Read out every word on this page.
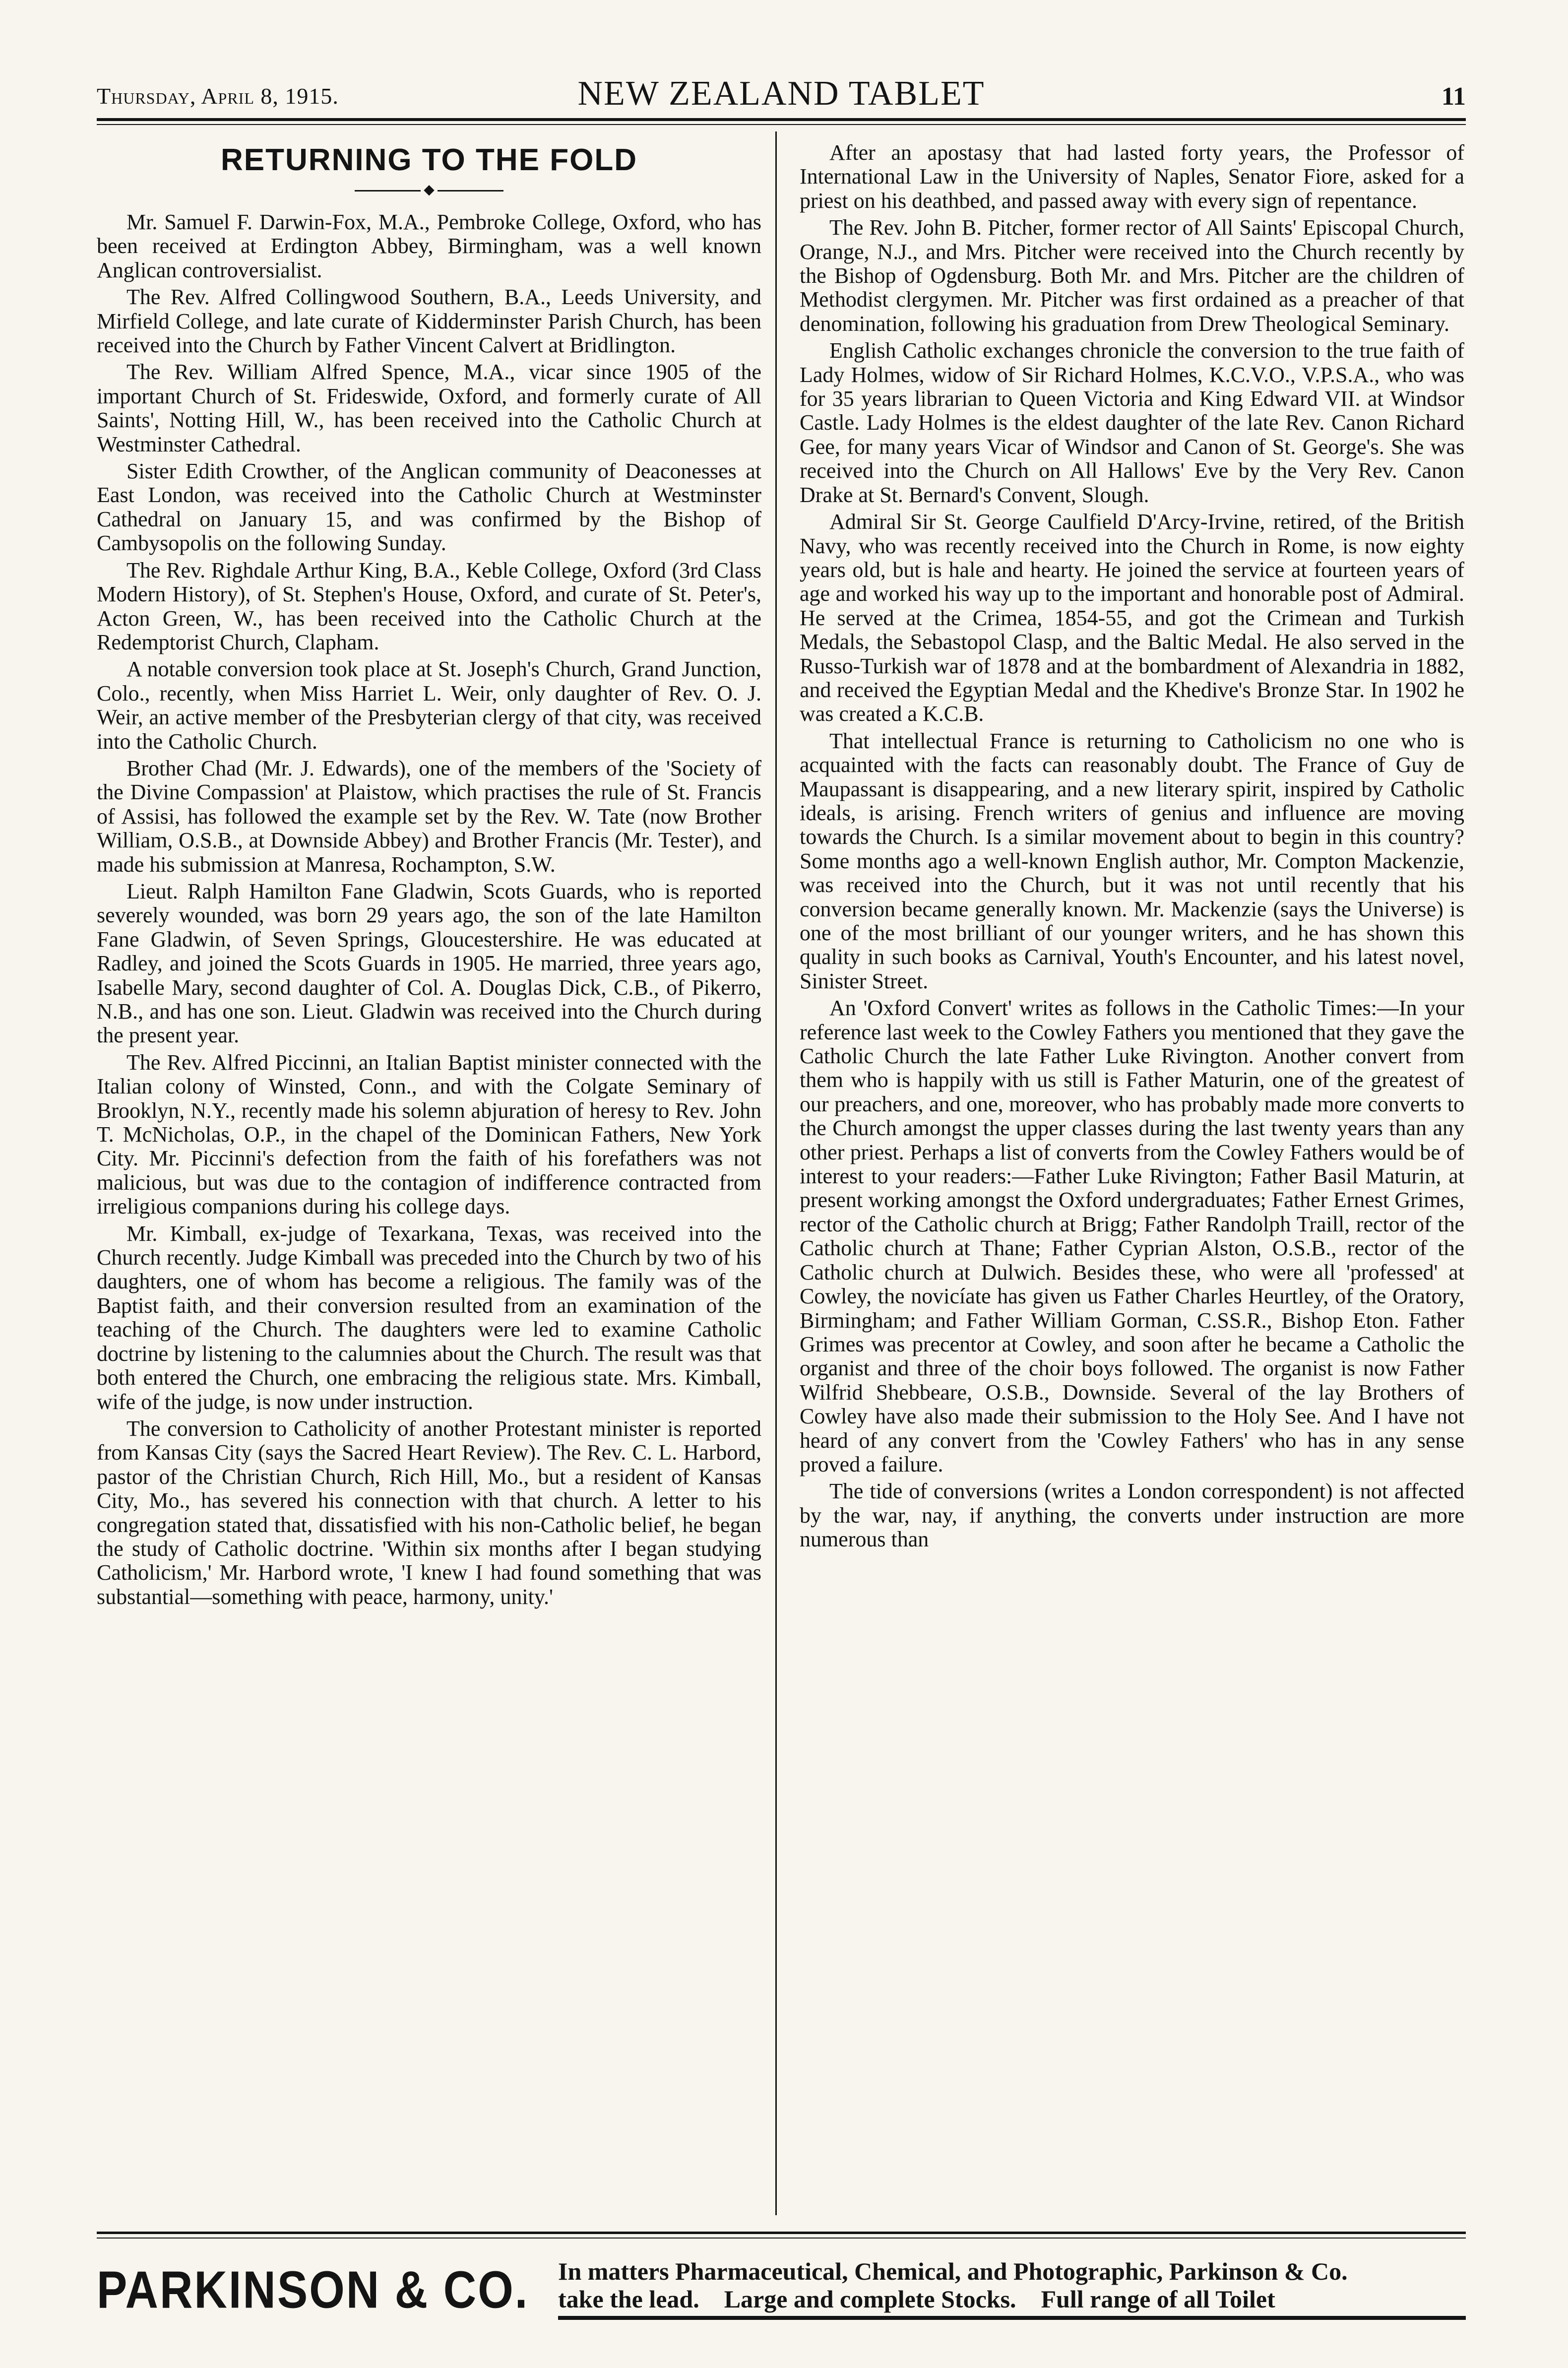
Thursday, April 8, 1915.	NEW ZEALAND TABLET	11
RETURNING TO THE FOLD
◆

Mr. Samuel F. Darwin-Fox, M.A., Pembroke College, Oxford, who has been received at Erdington Abbey, Birmingham, was a well known Anglican controversialist.

The Rev. Alfred Collingwood Southern, B.A., Leeds University, and Mirfield College, and late curate of Kidderminster Parish Church, has been received into the Church by Father Vincent Calvert at Bridlington.

The Rev. William Alfred Spence, M.A., vicar since 1905 of the important Church of St. Frideswide, Oxford, and formerly curate of All Saints', Notting Hill, W., has been received into the Catholic Church at Westminster Cathedral.

Sister Edith Crowther, of the Anglican community of Deaconesses at East London, was received into the Catholic Church at Westminster Cathedral on January 15, and was confirmed by the Bishop of Cambysopolis on the following Sunday.

The Rev. Righdale Arthur King, B.A., Keble College, Oxford (3rd Class Modern History), of St. Stephen's House, Oxford, and curate of St. Peter's, Acton Green, W., has been received into the Catholic Church at the Redemptorist Church, Clapham.

A notable conversion took place at St. Joseph's Church, Grand Junction, Colo., recently, when Miss Harriet L. Weir, only daughter of Rev. O. J. Weir, an active member of the Presbyterian clergy of that city, was received into the Catholic Church.

Brother Chad (Mr. J. Edwards), one of the members of the 'Society of the Divine Compassion' at Plaistow, which practises the rule of St. Francis of Assisi, has followed the example set by the Rev. W. Tate (now Brother William, O.S.B., at Downside Abbey) and Brother Francis (Mr. Tester), and made his submission at Manresa, Rochampton, S.W.

Lieut. Ralph Hamilton Fane Gladwin, Scots Guards, who is reported severely wounded, was born 29 years ago, the son of the late Hamilton Fane Gladwin, of Seven Springs, Gloucestershire. He was educated at Radley, and joined the Scots Guards in 1905. He married, three years ago, Isabelle Mary, second daughter of Col. A. Douglas Dick, C.B., of Pikerro, N.B., and has one son. Lieut. Gladwin was received into the Church during the present year.

The Rev. Alfred Piccinni, an Italian Baptist minister connected with the Italian colony of Winsted, Conn., and with the Colgate Seminary of Brooklyn, N.Y., recently made his solemn abjuration of heresy to Rev. John T. McNicholas, O.P., in the chapel of the Dominican Fathers, New York City. Mr. Piccinni's defection from the faith of his forefathers was not malicious, but was due to the contagion of indifference contracted from irreligious companions during his college days.

Mr. Kimball, ex-judge of Texarkana, Texas, was received into the Church recently. Judge Kimball was preceded into the Church by two of his daughters, one of whom has become a religious. The family was of the Baptist faith, and their conversion resulted from an examination of the teaching of the Church. The daughters were led to examine Catholic doctrine by listening to the calumnies about the Church. The result was that both entered the Church, one embracing the religious state. Mrs. Kimball, wife of the judge, is now under instruction.

The conversion to Catholicity of another Protestant minister is reported from Kansas City (says the Sacred Heart Review). The Rev. C. L. Harbord, pastor of the Christian Church, Rich Hill, Mo., but a resident of Kansas City, Mo., has severed his connection with that church. A letter to his congregation stated that, dissatisfied with his non-Catholic belief, he began the study of Catholic doctrine. 'Within six months after I began studying Catholicism,' Mr. Harbord wrote, 'I knew I had found something that was substantial—something with peace, harmony, unity.'

After an apostasy that had lasted forty years, the Professor of International Law in the University of Naples, Senator Fiore, asked for a priest on his deathbed, and passed away with every sign of repentance.

The Rev. John B. Pitcher, former rector of All Saints' Episcopal Church, Orange, N.J., and Mrs. Pitcher were received into the Church recently by the Bishop of Ogdensburg. Both Mr. and Mrs. Pitcher are the children of Methodist clergymen. Mr. Pitcher was first ordained as a preacher of that denomination, following his graduation from Drew Theological Seminary.

English Catholic exchanges chronicle the conversion to the true faith of Lady Holmes, widow of Sir Richard Holmes, K.C.V.O., V.P.S.A., who was for 35 years librarian to Queen Victoria and King Edward VII. at Windsor Castle. Lady Holmes is the eldest daughter of the late Rev. Canon Richard Gee, for many years Vicar of Windsor and Canon of St. George's. She was received into the Church on All Hallows' Eve by the Very Rev. Canon Drake at St. Bernard's Convent, Slough.

Admiral Sir St. George Caulfield D'Arcy-Irvine, retired, of the British Navy, who was recently received into the Church in Rome, is now eighty years old, but is hale and hearty. He joined the service at fourteen years of age and worked his way up to the important and honorable post of Admiral. He served at the Crimea, 1854-55, and got the Crimean and Turkish Medals, the Sebastopol Clasp, and the Baltic Medal. He also served in the Russo-Turkish war of 1878 and at the bombardment of Alexandria in 1882, and received the Egyptian Medal and the Khedive's Bronze Star. In 1902 he was created a K.C.B.

That intellectual France is returning to Catholicism no one who is acquainted with the facts can reasonably doubt. The France of Guy de Maupassant is disappearing, and a new literary spirit, inspired by Catholic ideals, is arising. French writers of genius and influence are moving towards the Church. Is a similar movement about to begin in this country? Some months ago a well-known English author, Mr. Compton Mackenzie, was received into the Church, but it was not until recently that his conversion became generally known. Mr. Mackenzie (says the Universe) is one of the most brilliant of our younger writers, and he has shown this quality in such books as Carnival, Youth's Encounter, and his latest novel, Sinister Street.

An 'Oxford Convert' writes as follows in the Catholic Times:—In your reference last week to the Cowley Fathers you mentioned that they gave the Catholic Church the late Father Luke Rivington. Another convert from them who is happily with us still is Father Maturin, one of the greatest of our preachers, and one, moreover, who has probably made more converts to the Church amongst the upper classes during the last twenty years than any other priest. Perhaps a list of converts from the Cowley Fathers would be of interest to your readers:—Father Luke Rivington; Father Basil Maturin, at present working amongst the Oxford undergraduates; Father Ernest Grimes, rector of the Catholic church at Brigg; Father Randolph Traill, rector of the Catholic church at Thane; Father Cyprian Alston, O.S.B., rector of the Catholic church at Dulwich. Besides these, who were all 'professed' at Cowley, the novicíate has given us Father Charles Heurtley, of the Oratory, Birmingham; and Father William Gorman, C.SS.R., Bishop Eton. Father Grimes was precentor at Cowley, and soon after he became a Catholic the organist and three of the choir boys followed. The organist is now Father Wilfrid Shebbeare, O.S.B., Downside. Several of the lay Brothers of Cowley have also made their submission to the Holy See. And I have not heard of any convert from the 'Cowley Fathers' who has in any sense proved a failure.

The tide of conversions (writes a London correspondent) is not affected by the war, nay, if anything, the converts under instruction are more numerous than

PARKINSON & CO. In matters Pharmaceutical, Chemical, and Photographic, Parkinson & Co.
take the lead.    Large and complete Stocks.    Full range of all Toilet
